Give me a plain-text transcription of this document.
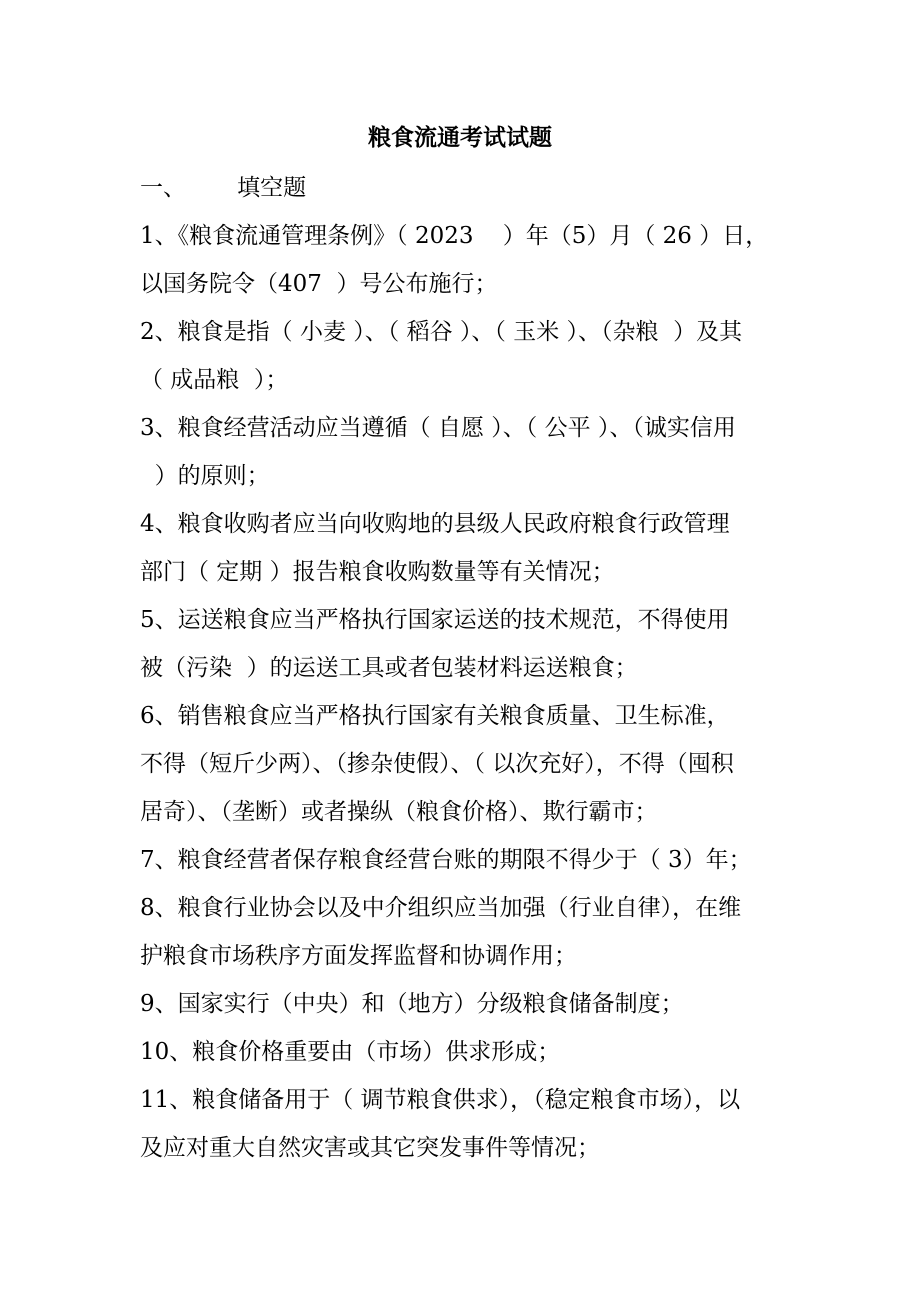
粮食流通考试试题
一、       填空题
1、《粮食流通管理条例》（ 2023    ）年（5）月（ 26 ）日，
以国务院令（407  ）号公布施行；
2、粮食是指（ 小麦 ）、（ 稻谷 ）、（ 玉米 ）、（杂粮  ）及其
（ 成品粮  ）；
3、粮食经营活动应当遵循（ 自愿 ）、（ 公平 ）、（诚实信用
）的原则；
4、粮食收购者应当向收购地的县级人民政府粮食行政管理
部门（ 定期 ）报告粮食收购数量等有关情况；
5、运送粮食应当严格执行国家运送的技术规范，不得使用
被（污染  ）的运送工具或者包装材料运送粮食；
6、销售粮食应当严格执行国家有关粮食质量、卫生标准，
不得（短斤少两）、（掺杂使假）、（ 以次充好），不得（囤积
居奇）、（垄断）或者操纵（粮食价格）、欺行霸市；
7、粮食经营者保存粮食经营台账的期限不得少于（ 3）年；
8、粮食行业协会以及中介组织应当加强（行业自律），在维
护粮食市场秩序方面发挥监督和协调作用；
9、国家实行（中央）和（地方）分级粮食储备制度；
10、粮食价格重要由（市场）供求形成；
11、粮食储备用于（ 调节粮食供求），（稳定粮食市场），以
及应对重大自然灾害或其它突发事件等情况；
